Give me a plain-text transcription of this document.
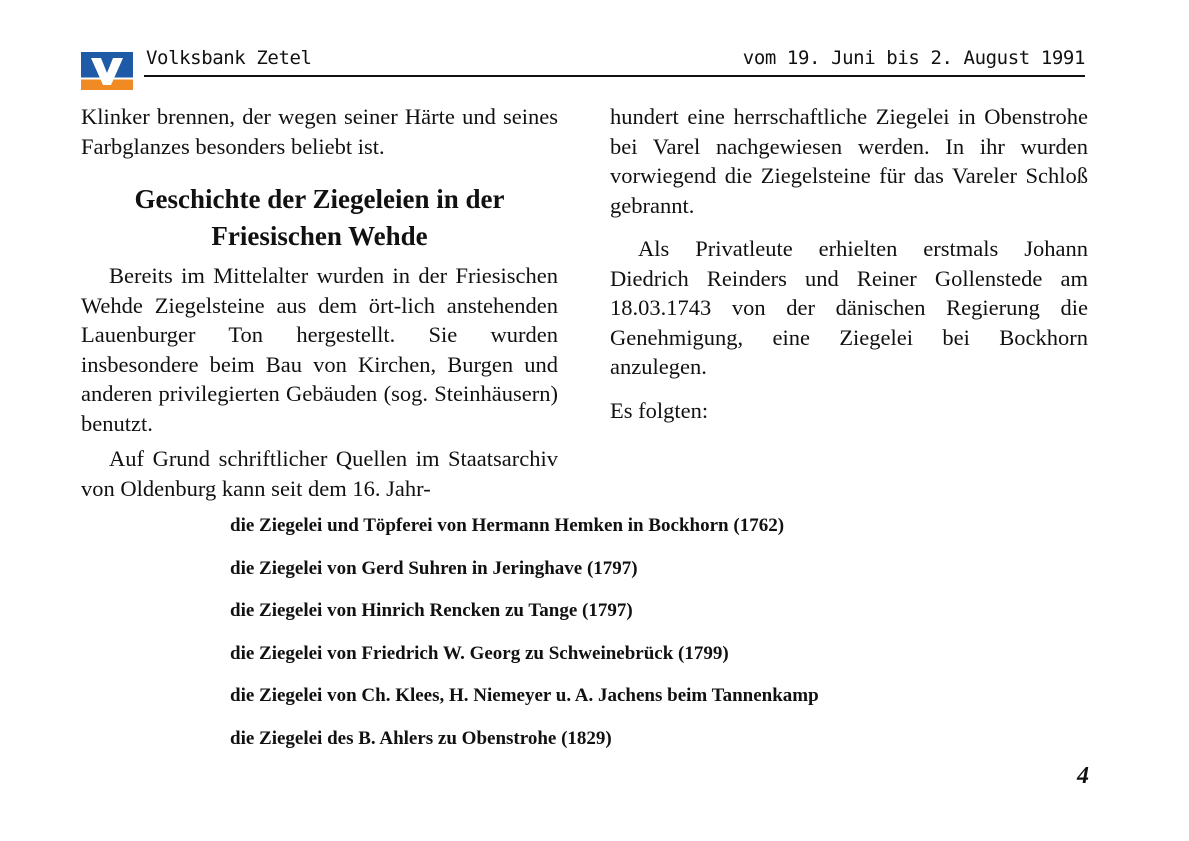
Volksbank Zetel	vom 19. Juni bis 2. August 1991

Klinker brennen, der wegen seiner Härte und seines Farbglanzes besonders beliebt ist.

Geschichte der Ziegeleien in der
Friesischen Wehde

Bereits im Mittelalter wurden in der Friesischen Wehde Ziegelsteine aus dem ört-lich anstehenden Lauenburger Ton hergestellt. Sie wurden insbesondere beim Bau von Kirchen, Burgen und anderen privilegierten Gebäuden (sog. Steinhäusern) benutzt.

Auf Grund schriftlicher Quellen im Staatsarchiv von Oldenburg kann seit dem 16. Jahr-

hundert eine herrschaftliche Ziegelei in Obenstrohe bei Varel nachgewiesen werden. In ihr wurden vorwiegend die Ziegelsteine für das Vareler Schloß gebrannt.

Als Privatleute erhielten erstmals Johann Diedrich Reinders und Reiner Gollenstede am 18.03.1743 von der dänischen Regierung die Genehmigung, eine Ziegelei bei Bockhorn anzulegen.

Es folgten:

die Ziegelei und Töpferei von Hermann Hemken in Bockhorn (1762)
die Ziegelei von Gerd Suhren in Jeringhave (1797)
die Ziegelei von Hinrich Rencken zu Tange (1797)
die Ziegelei von Friedrich W. Georg zu Schweinebrück (1799)
die Ziegelei von Ch. Klees, H. Niemeyer u. A. Jachens beim Tannenkamp
die Ziegelei des B. Ahlers zu Obenstrohe (1829)
4
